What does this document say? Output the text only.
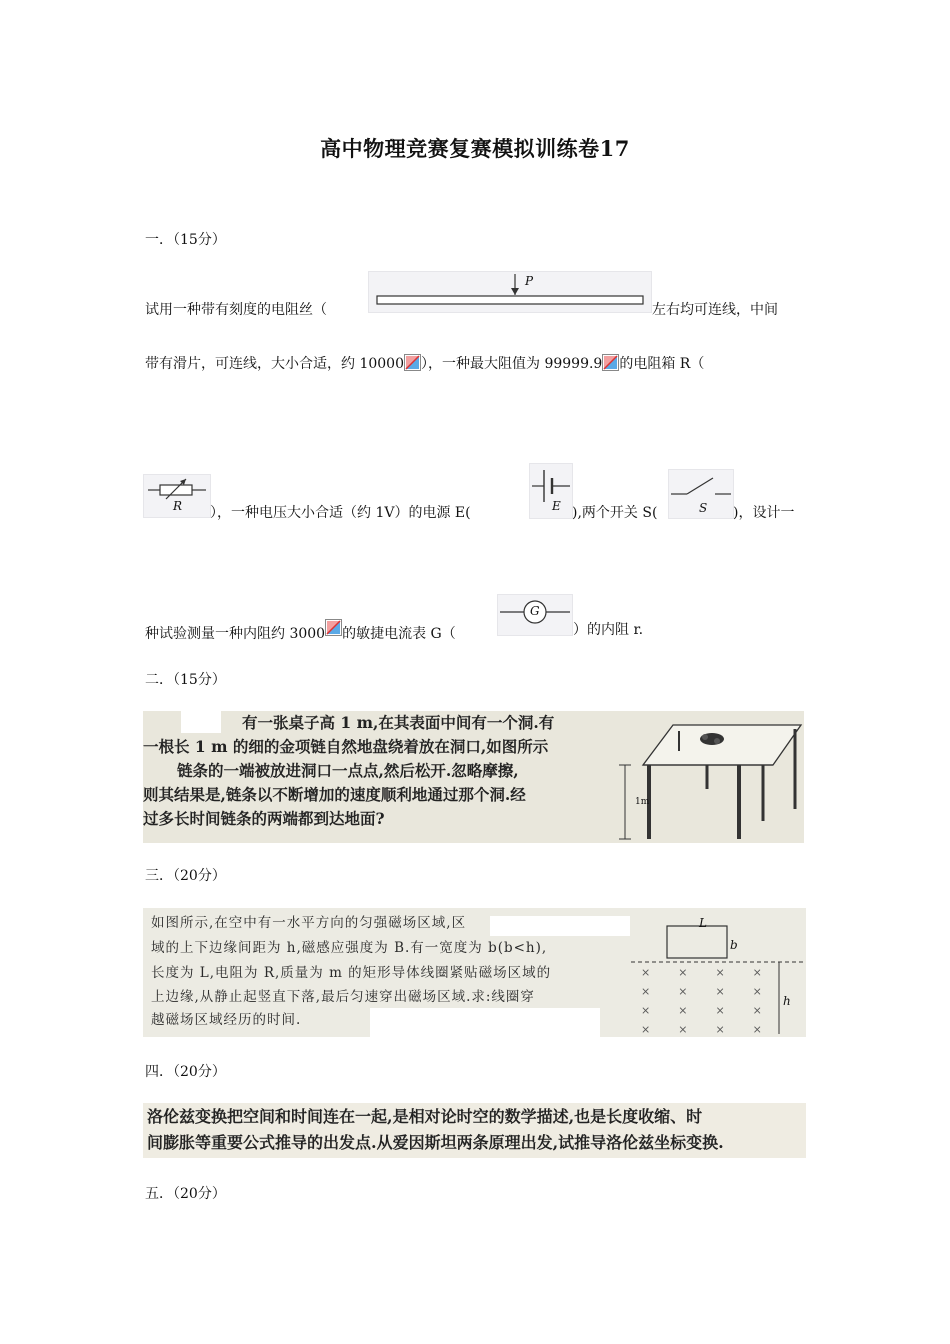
高中物理竞赛复赛模拟训练卷17
一．（15分）
P
试用一种带有刻度的电阻丝（	左右均可连线，中间
带有滑片，可连线，大小合适，约 10000 ），一种最大阻值为 99999.9 的电阻箱 R（
R	E	S
），一种电压大小合适（约 1V）的电源 E(	),两个开关 S(	)，设计一
G
种试验测量一种内阻约 3000 的敏捷电流表 G（	）的内阻 r.
二．（15分）
有一张桌子高 1 m,在其表面中间有一个洞.有
一根长 1 m 的细的金项链自然地盘绕着放在洞口,如图所示
链条的一端被放进洞口一点点,然后松开.忽略摩擦,
则其结果是,链条以不断增加的速度顺利地通过那个洞.经
过多长时间链条的两端都到达地面?
1m
三．（20分）
如图所示,在空中有一水平方向的匀强磁场区域,区
域的上下边缘间距为 h,磁感应强度为 B.有一宽度为 b(b<h),
长度为 L,电阻为 R,质量为 m 的矩形导体线圈紧贴磁场区域的
上边缘,从静止起竖直下落,最后匀速穿出磁场区域.求:线圈穿
越磁场区域经历的时间.
L
b
h
××××
××××
××××
××××
四．（20分）
洛伦兹变换把空间和时间连在一起,是相对论时空的数学描述,也是长度收缩、时
间膨胀等重要公式推导的出发点.从爱因斯坦两条原理出发,试推导洛伦兹坐标变换.
五．（20分）
